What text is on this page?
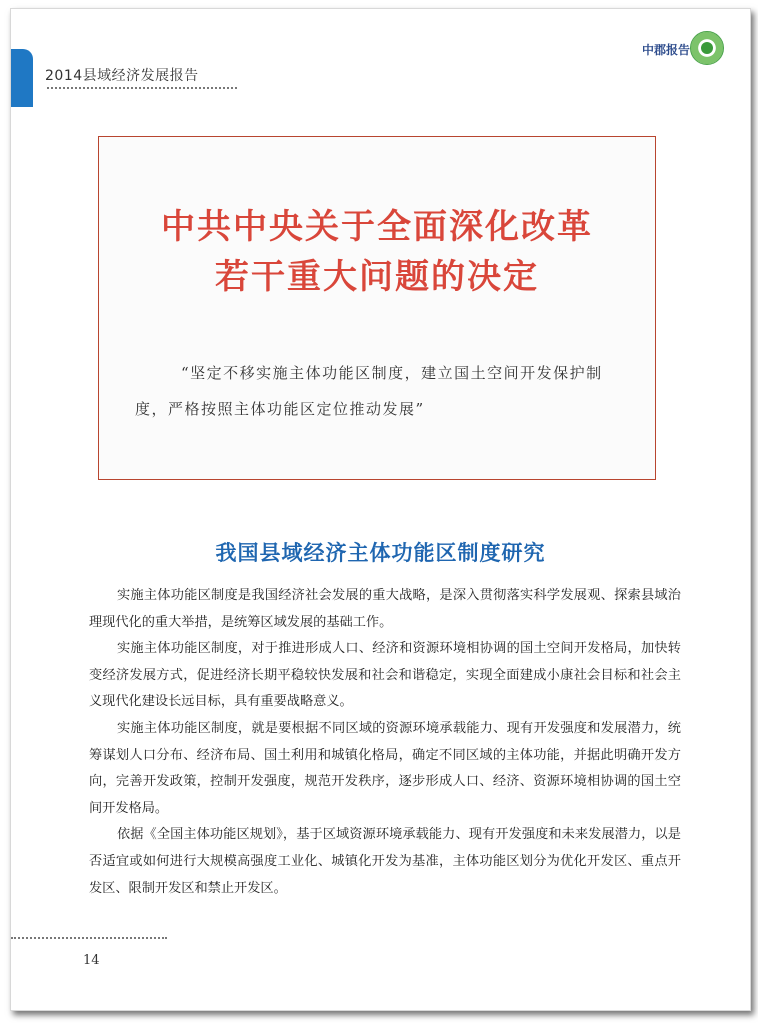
2014县域经济发展报告
中郡报告
中共中央关于全面深化改革
若干重大问题的决定
“坚定不移实施主体功能区制度，建立国土空间开发保护制度，严格按照主体功能区定位推动发展”
我国县域经济主体功能区制度研究

实施主体功能区制度是我国经济社会发展的重大战略，是深入贯彻落实科学发展观、探索县域治理现代化的重大举措，是统筹区域发展的基础工作。

实施主体功能区制度，对于推进形成人口、经济和资源环境相协调的国土空间开发格局，加快转变经济发展方式，促进经济长期平稳较快发展和社会和谐稳定，实现全面建成小康社会目标和社会主义现代化建设长远目标，具有重要战略意义。

实施主体功能区制度，就是要根据不同区域的资源环境承载能力、现有开发强度和发展潜力，统筹谋划人口分布、经济布局、国土利用和城镇化格局，确定不同区域的主体功能，并据此明确开发方向，完善开发政策，控制开发强度，规范开发秩序，逐步形成人口、经济、资源环境相协调的国土空间开发格局。

依据《全国主体功能区规划》，基于区域资源环境承载能力、现有开发强度和未来发展潜力，以是否适宜或如何进行大规模高强度工业化、城镇化开发为基准，主体功能区划分为优化开发区、重点开发区、限制开发区和禁止开发区。

14
